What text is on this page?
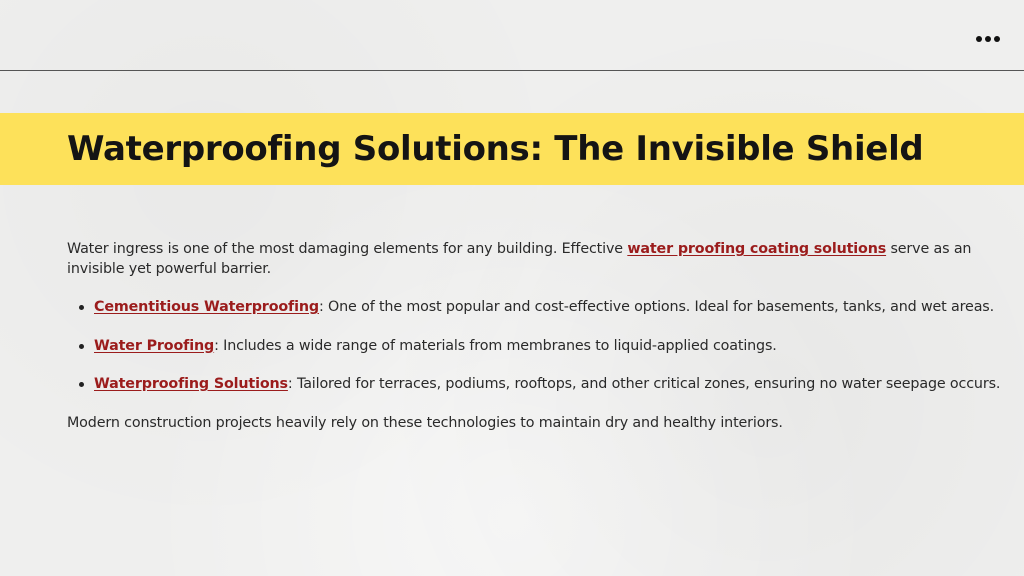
Waterproofing Solutions: The Invisible Shield

Water ingress is one of the most damaging elements for any building. Effective water proofing coating solutions serve as an invisible yet powerful barrier.

Cementitious Waterproofing: One of the most popular and cost-effective options. Ideal for basements, tanks, and wet areas.
Water Proofing: Includes a wide range of materials from membranes to liquid-applied coatings.
Waterproofing Solutions: Tailored for terraces, podiums, rooftops, and other critical zones, ensuring no water seepage occurs.

Modern construction projects heavily rely on these technologies to maintain dry and healthy interiors.
